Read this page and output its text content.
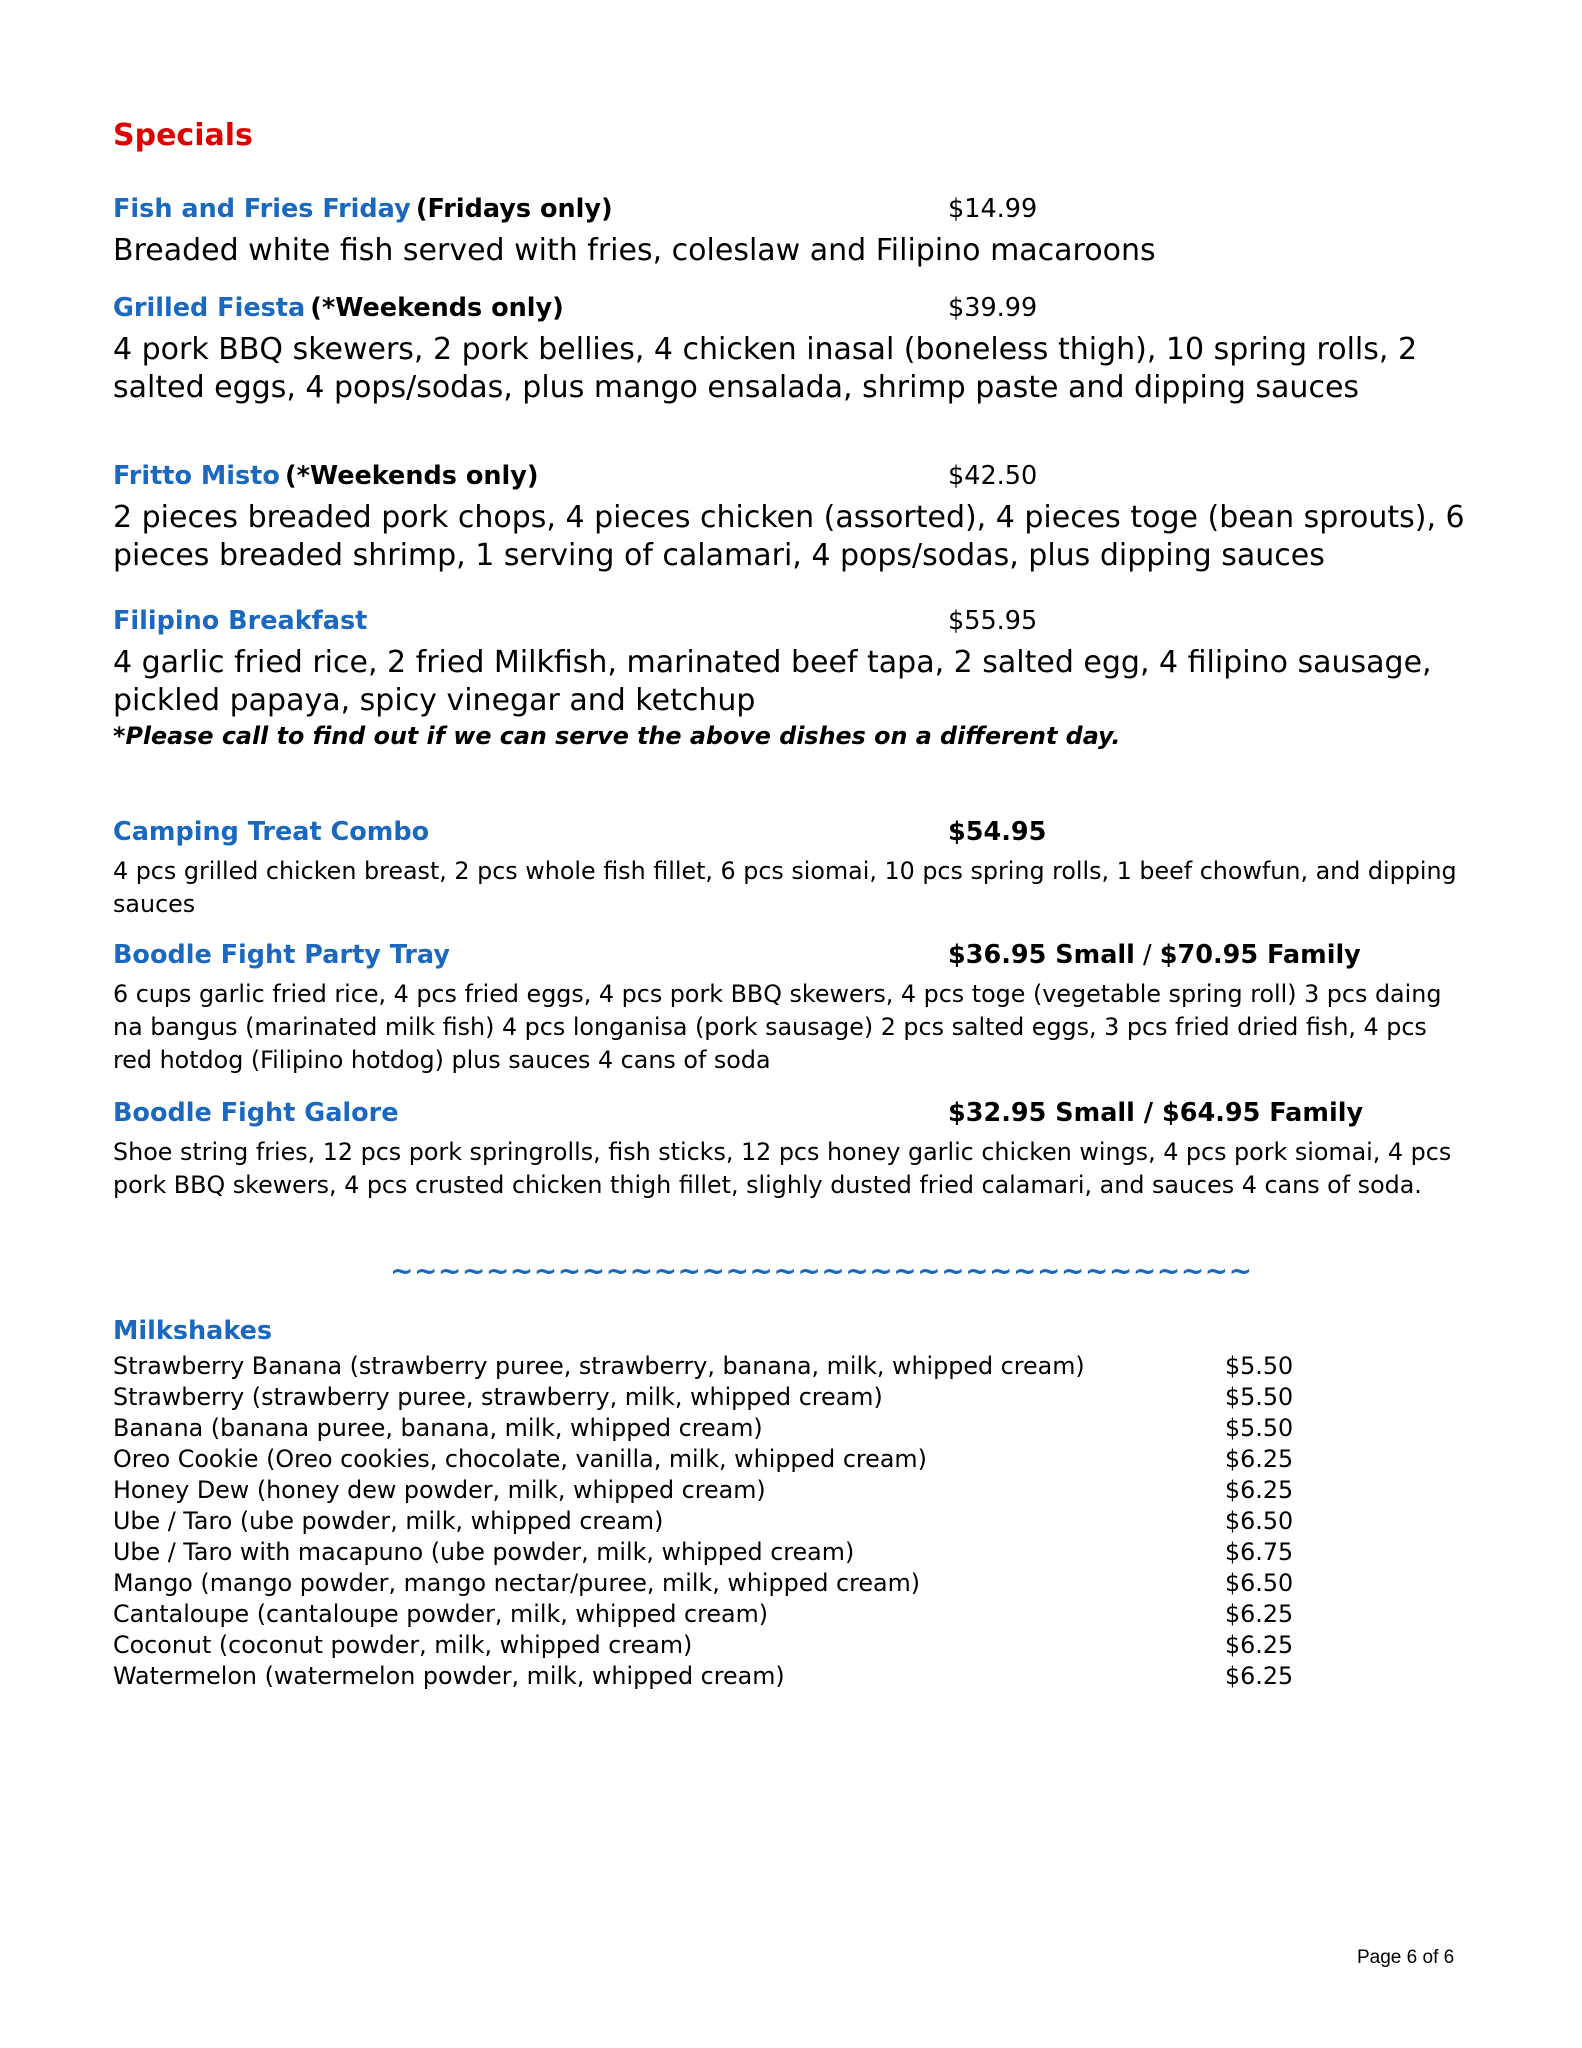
Specials
Fish and Fries Friday (Fridays only)	$14.99
Breaded white fish served with fries, coleslaw and Filipino macaroons
Grilled Fiesta (*Weekends only)	$39.99
4 pork BBQ skewers, 2 pork bellies, 4 chicken inasal (boneless thigh), 10 spring rolls, 2 salted eggs, 4 pops/sodas, plus mango ensalada, shrimp paste and dipping sauces
Fritto Misto (*Weekends only)	$42.50
2 pieces breaded pork chops, 4 pieces chicken (assorted), 4 pieces toge (bean sprouts), 6 pieces breaded shrimp, 1 serving of calamari, 4 pops/sodas, plus dipping sauces
Filipino Breakfast	$55.95
4 garlic fried rice, 2 fried Milkfish, marinated beef tapa, 2 salted egg, 4 filipino sausage, pickled papaya, spicy vinegar and ketchup
*Please call to find out if we can serve the above dishes on a different day.
Camping Treat Combo	$54.95
4 pcs grilled chicken breast, 2 pcs whole fish fillet, 6 pcs siomai, 10 pcs spring rolls, 1 beef chowfun, and dipping sauces
Boodle Fight Party Tray	$36.95 Small / $70.95 Family
6 cups garlic fried rice, 4 pcs fried eggs, 4 pcs pork BBQ skewers, 4 pcs toge (vegetable spring roll) 3 pcs daing na bangus (marinated milk fish) 4 pcs longanisa (pork sausage) 2 pcs salted eggs, 3 pcs fried dried fish, 4 pcs red hotdog (Filipino hotdog) plus sauces 4 cans of soda
Boodle Fight Galore	$32.95 Small / $64.95 Family
Shoe string fries, 12 pcs pork springrolls, fish sticks, 12 pcs honey garlic chicken wings, 4 pcs pork siomai, 4 pcs pork BBQ skewers, 4 pcs crusted chicken thigh fillet, slighly dusted fried calamari, and sauces 4 cans of soda.
~~~~~~~~~~~~~~~~~~~~~~~~~~~~~~~~~~~~
Milkshakes
Strawberry Banana (strawberry puree, strawberry, banana, milk, whipped cream)	$5.50
Strawberry (strawberry puree, strawberry, milk, whipped cream)	$5.50
Banana (banana puree, banana, milk, whipped cream)	$5.50
Oreo Cookie (Oreo cookies, chocolate, vanilla, milk, whipped cream)	$6.25
Honey Dew (honey dew powder, milk, whipped cream)	$6.25
Ube / Taro (ube powder, milk, whipped cream)	$6.50
Ube / Taro with macapuno (ube powder, milk, whipped cream)	$6.75
Mango (mango powder, mango nectar/puree, milk, whipped cream)	$6.50
Cantaloupe (cantaloupe powder, milk, whipped cream)	$6.25
Coconut (coconut powder, milk, whipped cream)	$6.25
Watermelon (watermelon powder, milk, whipped cream)	$6.25
Page 6 of 6
